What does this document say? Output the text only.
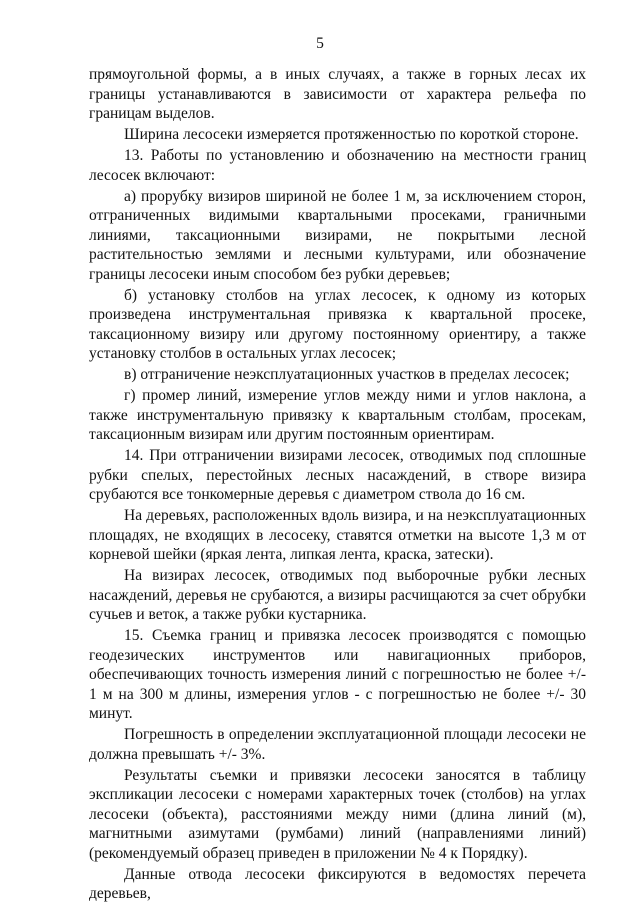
5

прямоугольной формы, а в иных случаях, а также в горных лесах их границы устанавливаются в зависимости от характера рельефа по границам выделов.

Ширина лесосеки измеряется протяженностью по короткой стороне.

13. Работы по установлению и обозначению на местности границ лесосек включают:

а) прорубку визиров шириной не более 1 м, за исключением сторон, отграниченных видимыми квартальными просеками, граничными линиями, таксационными визирами, не покрытыми лесной растительностью землями и лесными культурами, или обозначение границы лесосеки иным способом без рубки деревьев;

б) установку столбов на углах лесосек, к одному из которых произведена инструментальная привязка к квартальной просеке, таксационному визиру или другому постоянному ориентиру, а также установку столбов в остальных углах лесосек;

в) отграничение неэксплуатационных участков в пределах лесосек;

г) промер линий, измерение углов между ними и углов наклона, а также инструментальную привязку к квартальным столбам, просекам, таксационным визирам или другим постоянным ориентирам.

14. При отграничении визирами лесосек, отводимых под сплошные рубки спелых, перестойных лесных насаждений, в створе визира срубаются все тонкомерные деревья с диаметром ствола до 16 см.

На деревьях, расположенных вдоль визира, и на неэксплуатационных площадях, не входящих в лесосеку, ставятся отметки на высоте 1,3 м от корневой шейки (яркая лента, липкая лента, краска, затески).

На визирах лесосек, отводимых под выборочные рубки лесных насаждений, деревья не срубаются, а визиры расчищаются за счет обрубки сучьев и веток, а также рубки кустарника.

15. Съемка границ и привязка лесосек производятся с помощью геодезических инструментов или навигационных приборов, обеспечивающих точность измерения линий с погрешностью не более +/- 1 м на 300 м длины, измерения углов - с погрешностью не более +/- 30 минут.

Погрешность в определении эксплуатационной площади лесосеки не должна превышать +/- 3%.

Результаты съемки и привязки лесосеки заносятся в таблицу экспликации лесосеки с номерами характерных точек (столбов) на углах лесосеки (объекта), расстояниями между ними (длина линий (м), магнитными азимутами (румбами) линий (направлениями линий) (рекомендуемый образец приведен в приложении № 4 к Порядку).

Данные отвода лесосеки фиксируются в ведомостях перечета деревьев,
